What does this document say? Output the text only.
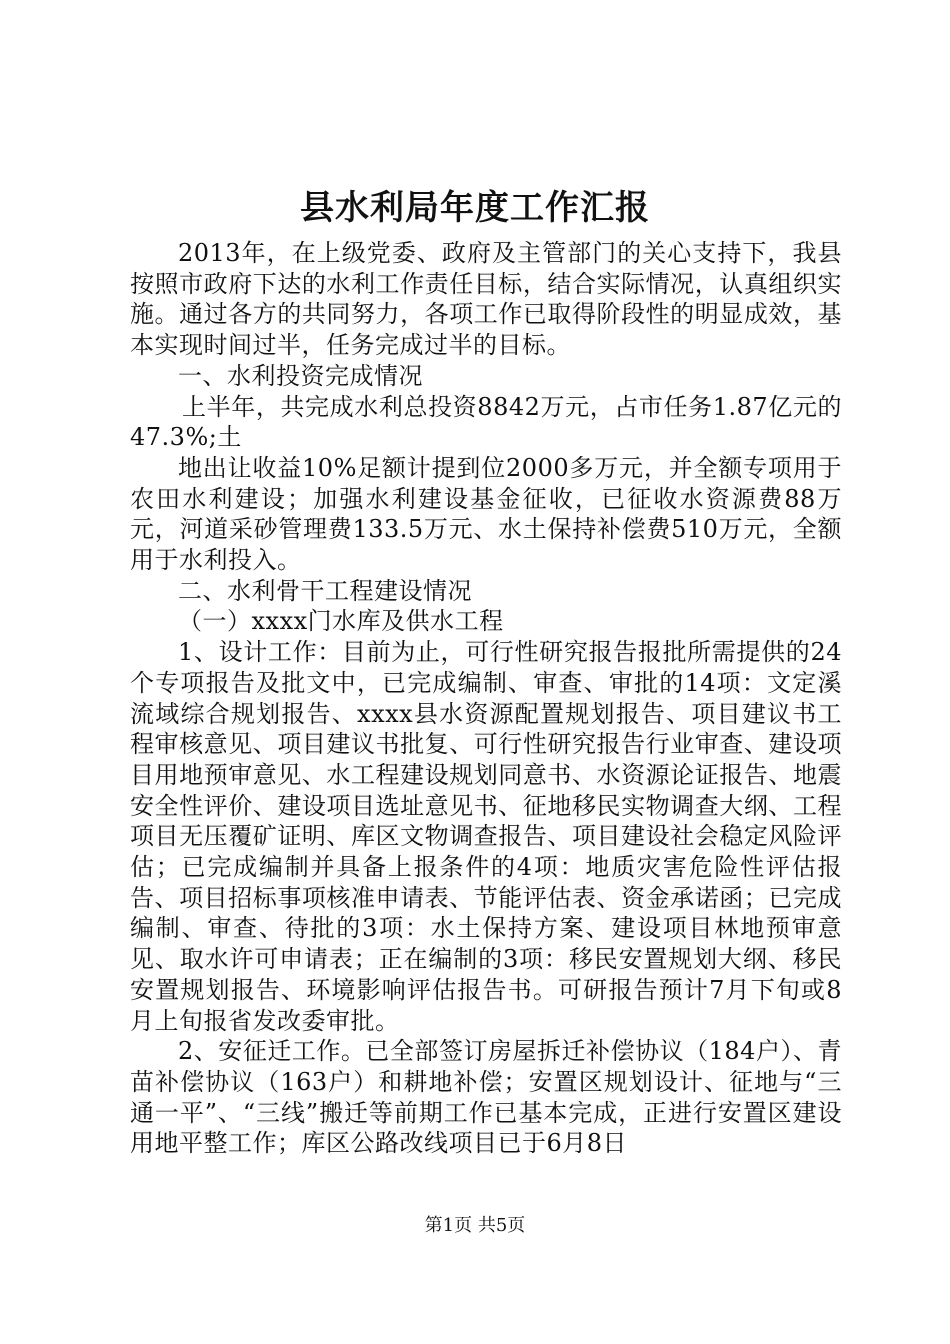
县水利局年度工作汇报

2013年，在上级党委、政府及主管部门的关心支持下，我县按照市政府下达的水利工作责任目标，结合实际情况，认真组织实施。通过各方的共同努力，各项工作已取得阶段性的明显成效，基本实现时间过半，任务完成过半的目标。

一、水利投资完成情况

上半年，共完成水利总投资8842万元，占市任务1.87亿元的47.3%;土

地出让收益10%足额计提到位2000多万元，并全额专项用于农田水利建设；加强水利建设基金征收，已征收水资源费88万元，河道采砂管理费133.5万元、水土保持补偿费510万元，全额用于水利投入。

二、水利骨干工程建设情况

（一）xxxx门水库及供水工程

1、设计工作：目前为止，可行性研究报告报批所需提供的24个专项报告及批文中，已完成编制、审查、审批的14项：文定溪流域综合规划报告、xxxx县水资源配置规划报告、项目建议书工程审核意见、项目建议书批复、可行性研究报告行业审查、建设项目用地预审意见、水工程建设规划同意书、水资源论证报告、地震安全性评价、建设项目选址意见书、征地移民实物调查大纲、工程项目无压覆矿证明、库区文物调查报告、项目建设社会稳定风险评估；已完成编制并具备上报条件的4项：地质灾害危险性评估报告、项目招标事项核准申请表、节能评估表、资金承诺函；已完成编制、审查、待批的3项：水土保持方案、建设项目林地预审意见、取水许可申请表；正在编制的3项：移民安置规划大纲、移民安置规划报告、环境影响评估报告书。可研报告预计7月下旬或8月上旬报省发改委审批。

2、安征迁工作。已全部签订房屋拆迁补偿协议（184户）、青苗补偿协议（163户）和耕地补偿；安置区规划设计、征地与“三通一平”、“三线”搬迁等前期工作已基本完成，正进行安置区建设用地平整工作；库区公路改线项目已于6月8日

第1页 共5页
